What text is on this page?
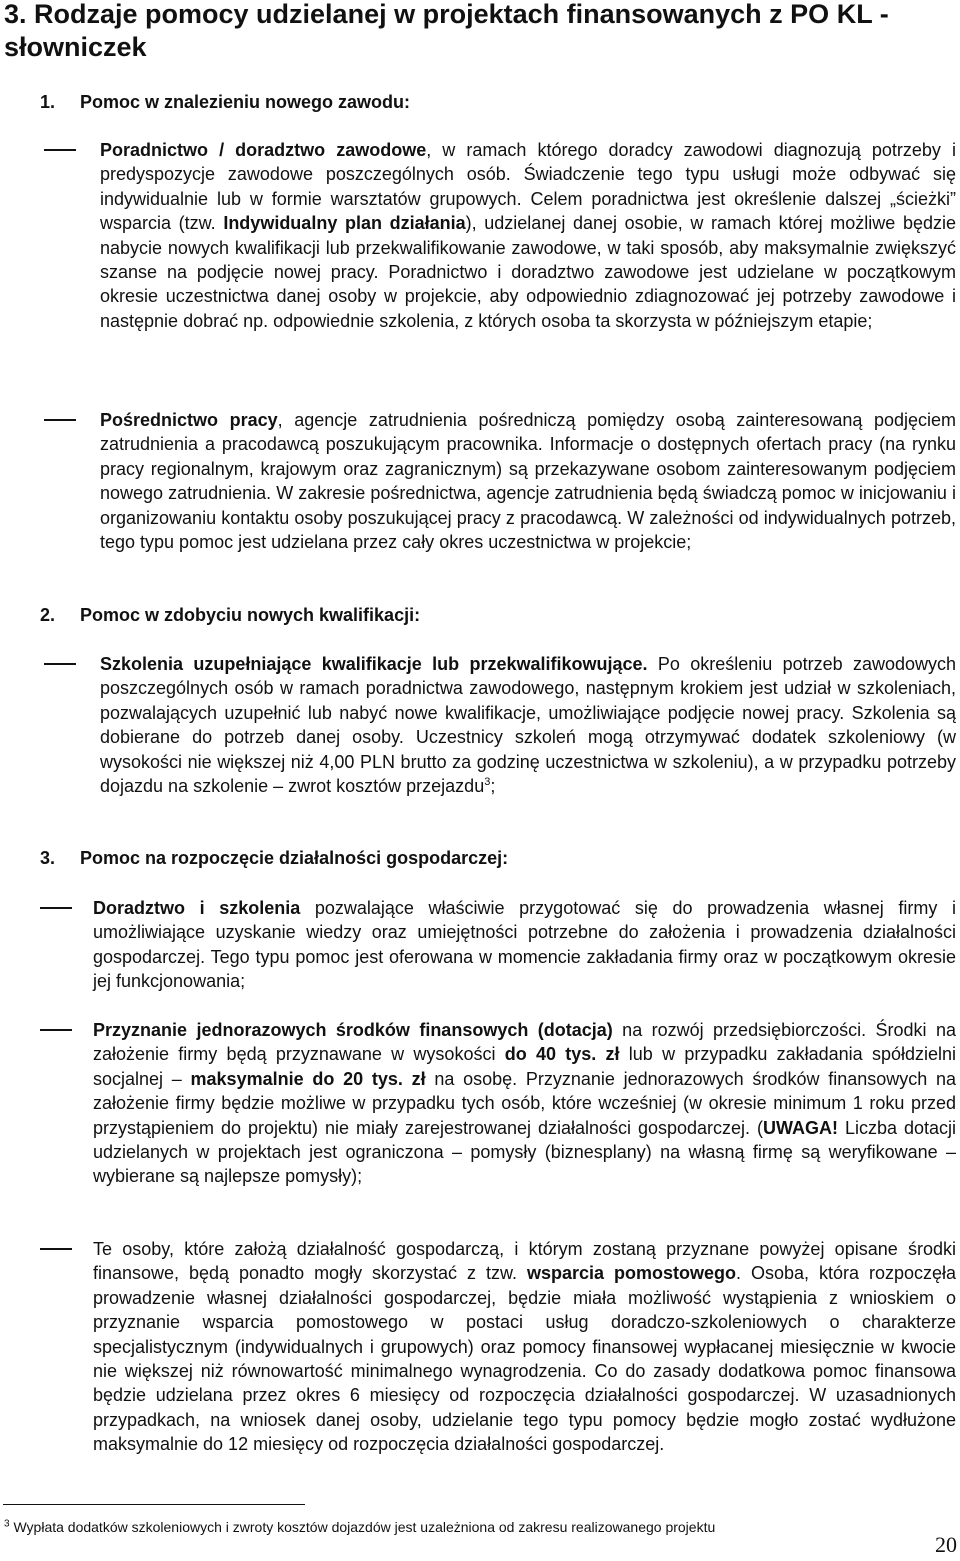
3. Rodzaje pomocy udzielanej w projektach finansowanych z PO KL - słowniczek

1. Pomoc w znalezieniu nowego zawodu:

Poradnictwo / doradztwo zawodowe, w ramach którego doradcy zawodowi diagnozują potrzeby i predyspozycje zawodowe poszczególnych osób. Świadczenie tego typu usługi może odbywać się indywidualnie lub w formie warsztatów grupowych. Celem poradnictwa jest określenie dalszej „ścieżki” wsparcia (tzw. Indywidualny plan działania), udzielanej danej osobie, w ramach której możliwe będzie nabycie nowych kwalifikacji lub przekwalifikowanie zawodowe, w taki sposób, aby maksymalnie zwiększyć szanse na podjęcie nowej pracy. Poradnictwo i doradztwo zawodowe jest udzielane w początkowym okresie uczestnictwa danej osoby w projekcie, aby odpowiednio zdiagnozować jej potrzeby zawodowe i następnie dobrać np. odpowiednie szkolenia, z których osoba ta skorzysta w późniejszym etapie;

Pośrednictwo pracy, agencje zatrudnienia pośredniczą pomiędzy osobą zainteresowaną podjęciem zatrudnienia a pracodawcą poszukującym pracownika. Informacje o dostępnych ofertach pracy (na rynku pracy regionalnym, krajowym oraz zagranicznym) są przekazywane osobom zainteresowanym podjęciem nowego zatrudnienia. W zakresie pośrednictwa, agencje zatrudnienia będą świadczą pomoc w inicjowaniu i organizowaniu kontaktu osoby poszukującej pracy z pracodawcą. W zależności od indywidualnych potrzeb, tego typu pomoc jest udzielana przez cały okres uczestnictwa w projekcie;

2. Pomoc w zdobyciu nowych kwalifikacji:

Szkolenia uzupełniające kwalifikacje lub przekwalifikowujące. Po określeniu potrzeb zawodowych poszczególnych osób w ramach poradnictwa zawodowego, następnym krokiem jest udział w szkoleniach, pozwalających uzupełnić lub nabyć nowe kwalifikacje, umożliwiające podjęcie nowej pracy. Szkolenia są dobierane do potrzeb danej osoby. Uczestnicy szkoleń mogą otrzymywać dodatek szkoleniowy (w wysokości nie większej niż 4,00 PLN brutto za godzinę uczestnictwa w szkoleniu), a w przypadku potrzeby dojazdu na szkolenie – zwrot kosztów przejazdu$^3$;

3. Pomoc na rozpoczęcie działalności gospodarczej:

Doradztwo i szkolenia pozwalające właściwie przygotować się do prowadzenia własnej firmy i umożliwiające uzyskanie wiedzy oraz umiejętności potrzebne do założenia i prowadzenia działalności gospodarczej. Tego typu pomoc jest oferowana w momencie zakładania firmy oraz w początkowym okresie jej funkcjonowania;

Przyznanie jednorazowych środków finansowych (dotacja) na rozwój przedsiębiorczości. Środki na założenie firmy będą przyznawane w wysokości do 40 tys. zł lub w przypadku zakładania spółdzielni socjalnej – maksymalnie do 20 tys. zł na osobę. Przyznanie jednorazowych środków finansowych na założenie firmy będzie możliwe w przypadku tych osób, które wcześniej (w okresie minimum 1 roku przed przystąpieniem do projektu) nie miały zarejestrowanej działalności gospodarczej. (UWAGA! Liczba dotacji udzielanych w projektach jest ograniczona – pomysły (biznesplany) na własną firmę są weryfikowane – wybierane są najlepsze pomysły);

Te osoby, które założą działalność gospodarczą, i którym zostaną przyznane powyżej opisane środki finansowe, będą ponadto mogły skorzystać z tzw. wsparcia pomostowego. Osoba, która rozpoczęła prowadzenie własnej działalności gospodarczej, będzie miała możliwość wystąpienia z wnioskiem o przyznanie wsparcia pomostowego w postaci usług doradczo-szkoleniowych o charakterze specjalistycznym (indywidualnych i grupowych) oraz pomocy finansowej wypłacanej miesięcznie w kwocie nie większej niż równowartość minimalnego wynagrodzenia. Co do zasady dodatkowa pomoc finansowa będzie udzielana przez okres 6 miesięcy od rozpoczęcia działalności gospodarczej. W uzasadnionych przypadkach, na wniosek danej osoby, udzielanie tego typu pomocy będzie mogło zostać wydłużone maksymalnie do 12 miesięcy od rozpoczęcia działalności gospodarczej.

$^3$ Wypłata dodatków szkoleniowych i zwroty kosztów dojazdów jest uzależniona od zakresu realizowanego projektu

20
